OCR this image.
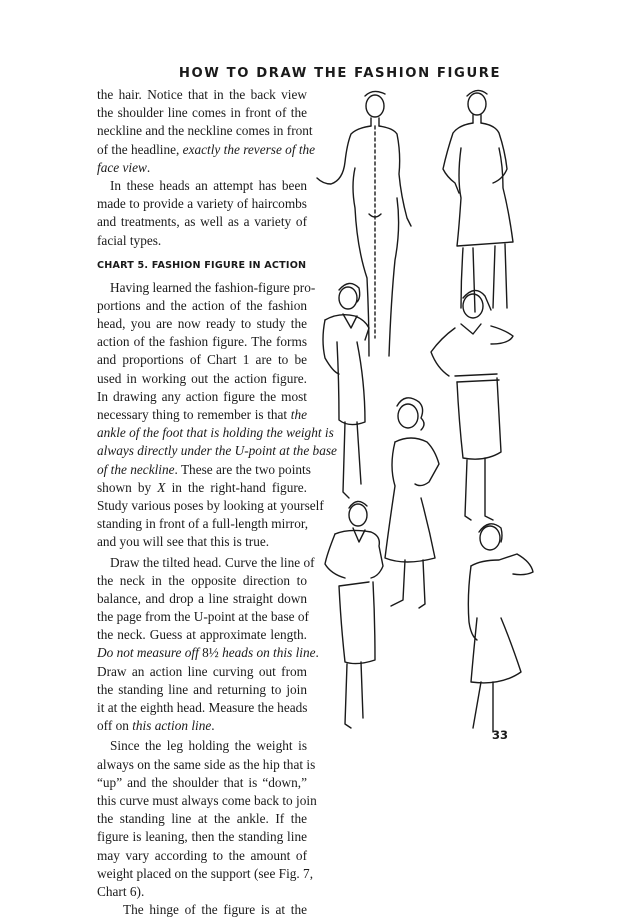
HOW TO DRAW THE FASHION FIGURE
the hair. Notice that in the back view
the shoulder line comes in front of the
neckline and the neckline comes in front
of the headline, exactly the reverse of the
face view.
In these heads an attempt has been
made to provide a variety of haircombs
and treatments, as well as a variety of
facial types.
CHART 5. FASHION FIGURE IN ACTION
Having learned the fashion-figure pro-
portions and the action of the fashion
head, you are now ready to study the
action of the fashion figure. The forms
and proportions of Chart 1 are to be
used in working out the action figure.
In drawing any action figure the most
necessary thing to remember is that the
ankle of the foot that is holding the weight is
always directly under the U-point at the base
of the neckline. These are the two points
shown by X in the right-hand figure.
Study various poses by looking at yourself
standing in front of a full-length mirror,
and you will see that this is true.
Draw the tilted head. Curve the line of
the neck in the opposite direction to
balance, and drop a line straight down
the page from the U-point at the base of
the neck. Guess at approximate length.
Do not measure off 8½ heads on this line.
Draw an action line curving out from
the standing line and returning to join
it at the eighth head. Measure the heads
off on this action line.
Since the leg holding the weight is
always on the same side as the hip that is
“up” and the shoulder that is “down,”
this curve must always come back to join
the standing line at the ankle. If the
figure is leaning, then the standing line
may vary according to the amount of
weight placed on the support (see Fig. 7,
Chart 6).
The hinge of the figure is at the
33
